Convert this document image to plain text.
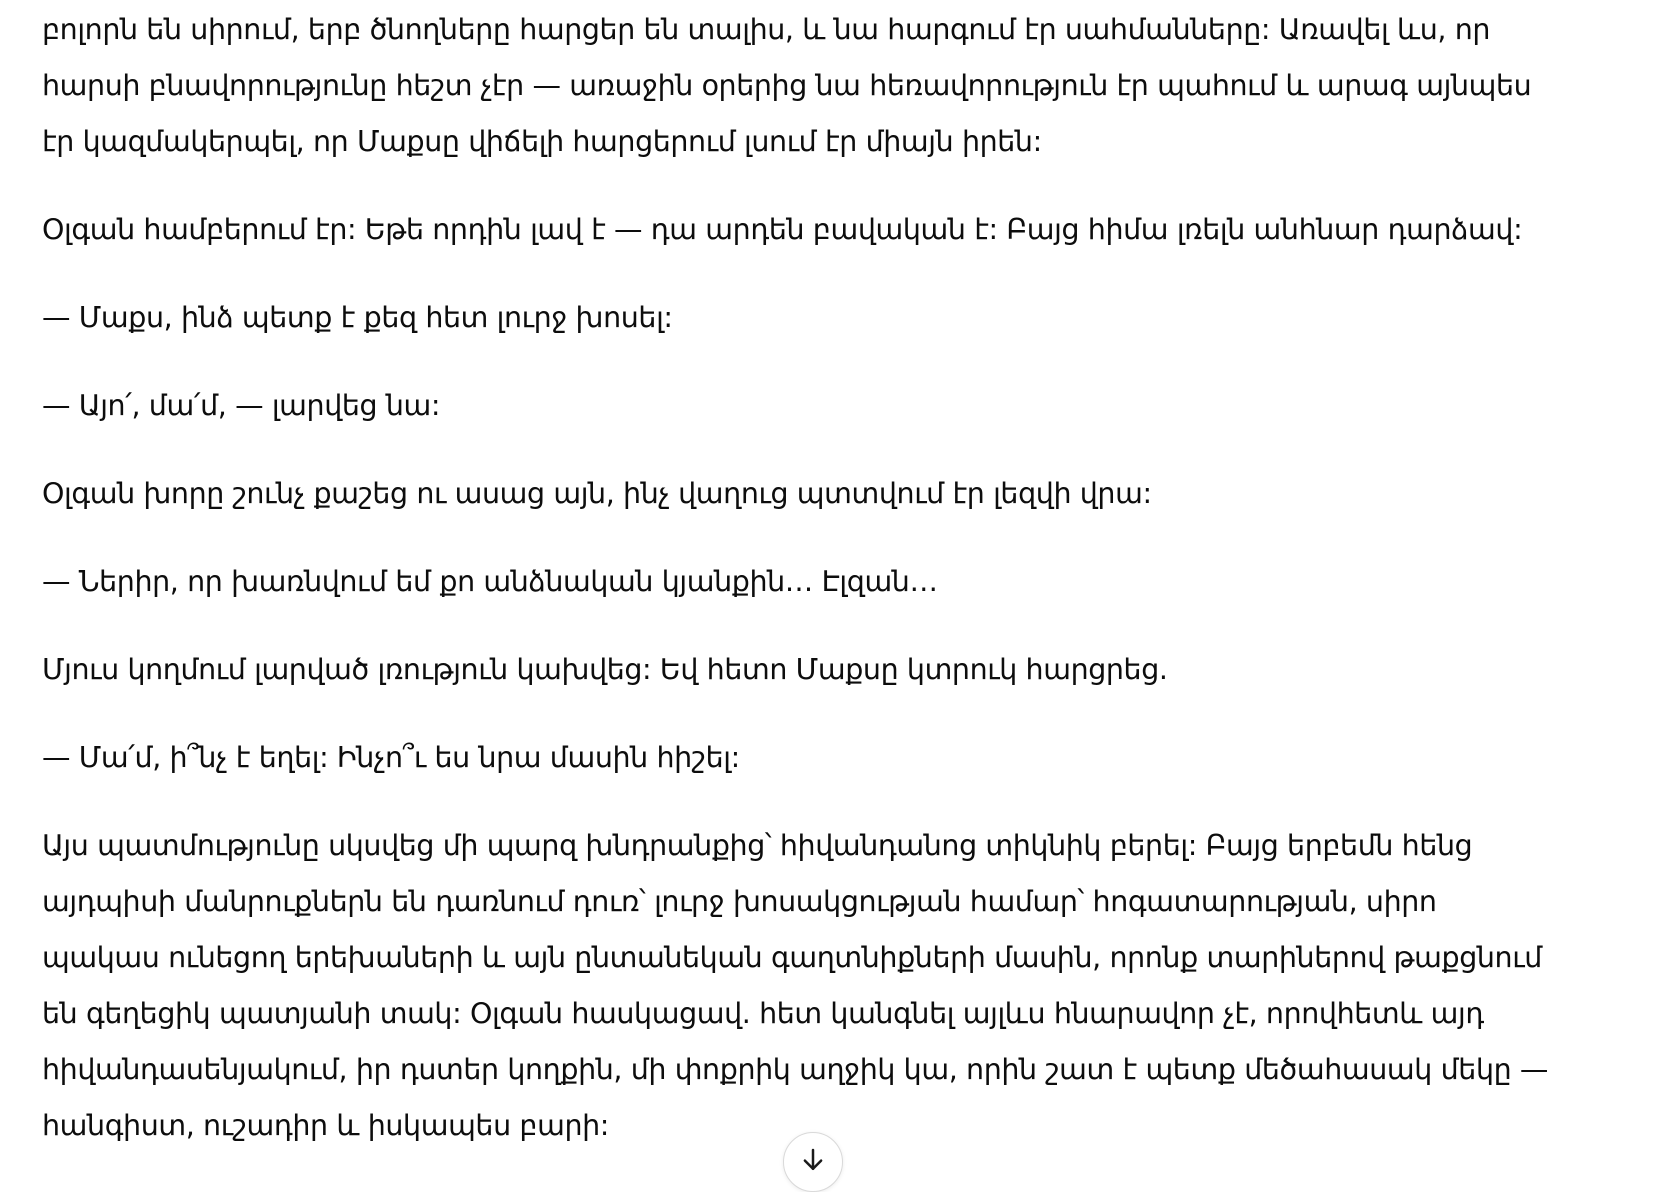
բոլորն են սիրում, երբ ծնողները հարցեր են տալիս, և նա հարգում էր սահմանները: Առավել ևս, որ
հարսի բնավորությունը հեշտ չէր — առաջին օրերից նա հեռավորություն էր պահում և արագ այնպես
էր կազմակերպել, որ Մաքսը վիճելի հարցերում լսում էր միայն իրեն:

Օլգան համբերում էր: Եթե որդին լավ է — դա արդեն բավական է: Բայց հիմա լռելն անհնար դարձավ:

— Մաքս, ինձ պետք է քեզ հետ լուրջ խոսել:

— Այո՛, մա՛մ, — լարվեց նա:

Օլգան խորը շունչ քաշեց ու ասաց այն, ինչ վաղուց պտտվում էր լեզվի վրա:

— Ներիր, որ խառնվում եմ քո անձնական կյանքին… Էլզան…

Մյուս կողմում լարված լռություն կախվեց: Եվ հետո Մաքսը կտրուկ հարցրեց.

— Մա՛մ, ի՞նչ է եղել: Ինչո՞ւ ես նրա մասին հիշել:

Այս պատմությունը սկսվեց մի պարզ խնդրանքից՝ հիվանդանոց տիկնիկ բերել: Բայց երբեմն հենց
այդպիսի մանրուքներն են դառնում դուռ՝ լուրջ խոսակցության համար՝ հոգատարության, սիրո
պակաս ունեցող երեխաների և այն ընտանեկան գաղտնիքների մասին, որոնք տարիներով թաքցնում
են գեղեցիկ պատյանի տակ: Օլգան հասկացավ. հետ կանգնել այլևս հնարավոր չէ, որովհետև այդ
հիվանդասենյակում, իր դստեր կողքին, մի փոքրիկ աղջիկ կա, որին շատ է պետք մեծահասակ մեկը —
հանգիստ, ուշադիր և իսկապես բարի:
